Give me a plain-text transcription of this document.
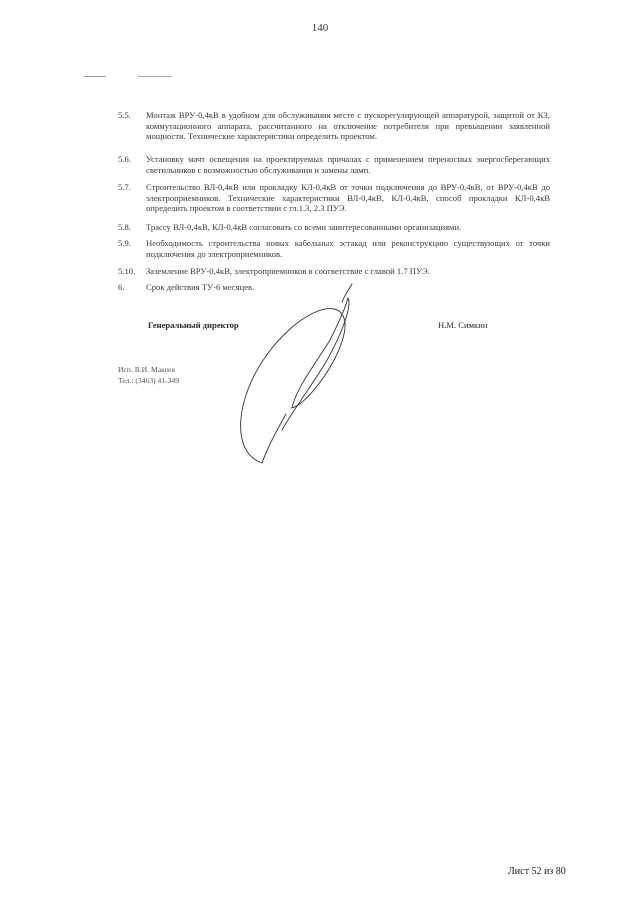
140
5.5.	Монтаж ВРУ-0,4кВ в удобном для обслуживания месте с пускорегулирующей аппаратурой, защитой от КЗ, коммутационного аппарата, рассчитанного на отключение потребителя при превышении заявленной мощности. Технические характеристики определить проектом.
5.6.	Установку мачт освещения на проектируемых причалах с применением переносных энергосберегающих светильников с возможностью обслуживания и замены ламп.
5.7.	Строительство ВЛ-0,4кВ или прокладку КЛ-0,4кВ от точки подключения до ВРУ-0,4кВ, от ВРУ-0,4кВ до электроприемников. Технические характеристики ВЛ-0,4кВ, КЛ-0,4кВ, способ прокладки КЛ-0,4кВ определить проектом в соответствии с гл.1.3, 2.3 ПУЭ.
5.8.	Трассу ВЛ-0,4кВ, КЛ-0,4кВ согласовать со всеми заинтересованными организациями.
5.9.	Необходимость строительства новых кабельных эстакад или реконструкцию существующих от точки подключения до электроприемников.
5.10.	Заземление ВРУ-0,4кВ, электроприемников в соответствие с главой 1.7 ПУЭ.
6.	Срок действия ТУ-6 месяцев.
Генеральный директор	Н.М. Симкин
Исп. В.И. Макеев
Тел.: (3463) 41-349
Лист 52 из 80
